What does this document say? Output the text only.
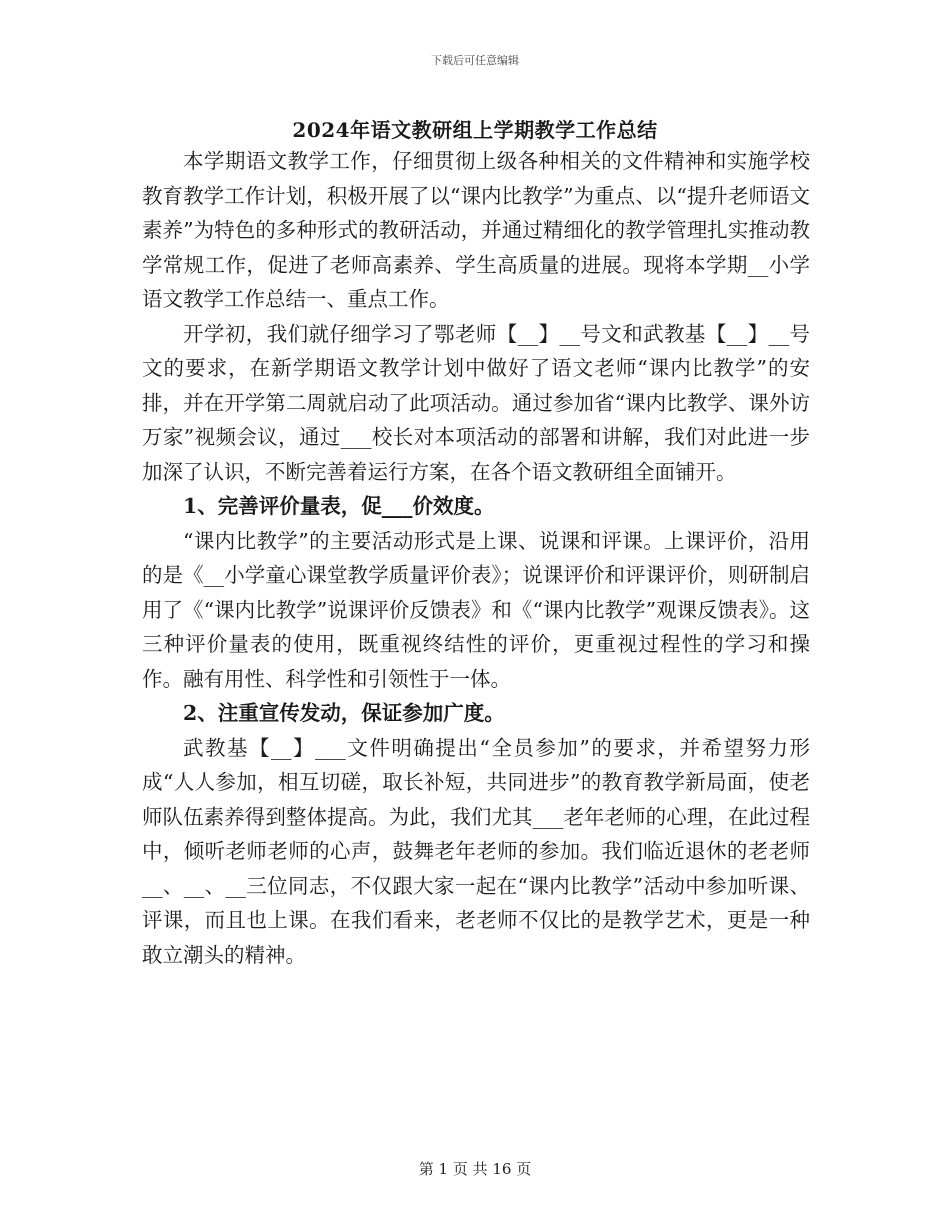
下载后可任意编辑
2024年语文教研组上学期教学工作总结

本学期语文教学工作，仔细贯彻上级各种相关的文件精神和实施学校教育教学工作计划，积极开展了以“课内比教学”为重点、以“提升老师语文素养”为特色的多种形式的教研活动，并通过精细化的教学管理扎实推动教学常规工作，促进了老师高素养、学生高质量的进展。现将本学期__小学语文教学工作总结一、重点工作。

开学初，我们就仔细学习了鄂老师【__】__号文和武教基【__】__号文的要求，在新学期语文教学计划中做好了语文老师“课内比教学”的安排，并在开学第二周就启动了此项活动。通过参加省“课内比教学、课外访万家”视频会议，通过___校长对本项活动的部署和讲解，我们对此进一步加深了认识，不断完善着运行方案，在各个语文教研组全面铺开。

1、完善评价量表，促___价效度。

“课内比教学”的主要活动形式是上课、说课和评课。上课评价，沿用的是《__小学童心课堂教学质量评价表》；说课评价和评课评价，则研制启用了《“课内比教学”说课评价反馈表》和《“课内比教学”观课反馈表》。这三种评价量表的使用，既重视终结性的评价，更重视过程性的学习和操作。融有用性、科学性和引领性于一体。

2、注重宣传发动，保证参加广度。

武教基【__】___文件明确提出“全员参加”的要求，并希望努力形成“人人参加，相互切磋，取长补短，共同进步”的教育教学新局面，使老师队伍素养得到整体提高。为此，我们尤其___老年老师的心理，在此过程中，倾听老师老师的心声，鼓舞老年老师的参加。我们临近退休的老老师__、__、__三位同志，不仅跟大家一起在“课内比教学”活动中参加听课、评课，而且也上课。在我们看来，老老师不仅比的是教学艺术，更是一种敢立潮头的精神。

第 1 页 共 16 页
